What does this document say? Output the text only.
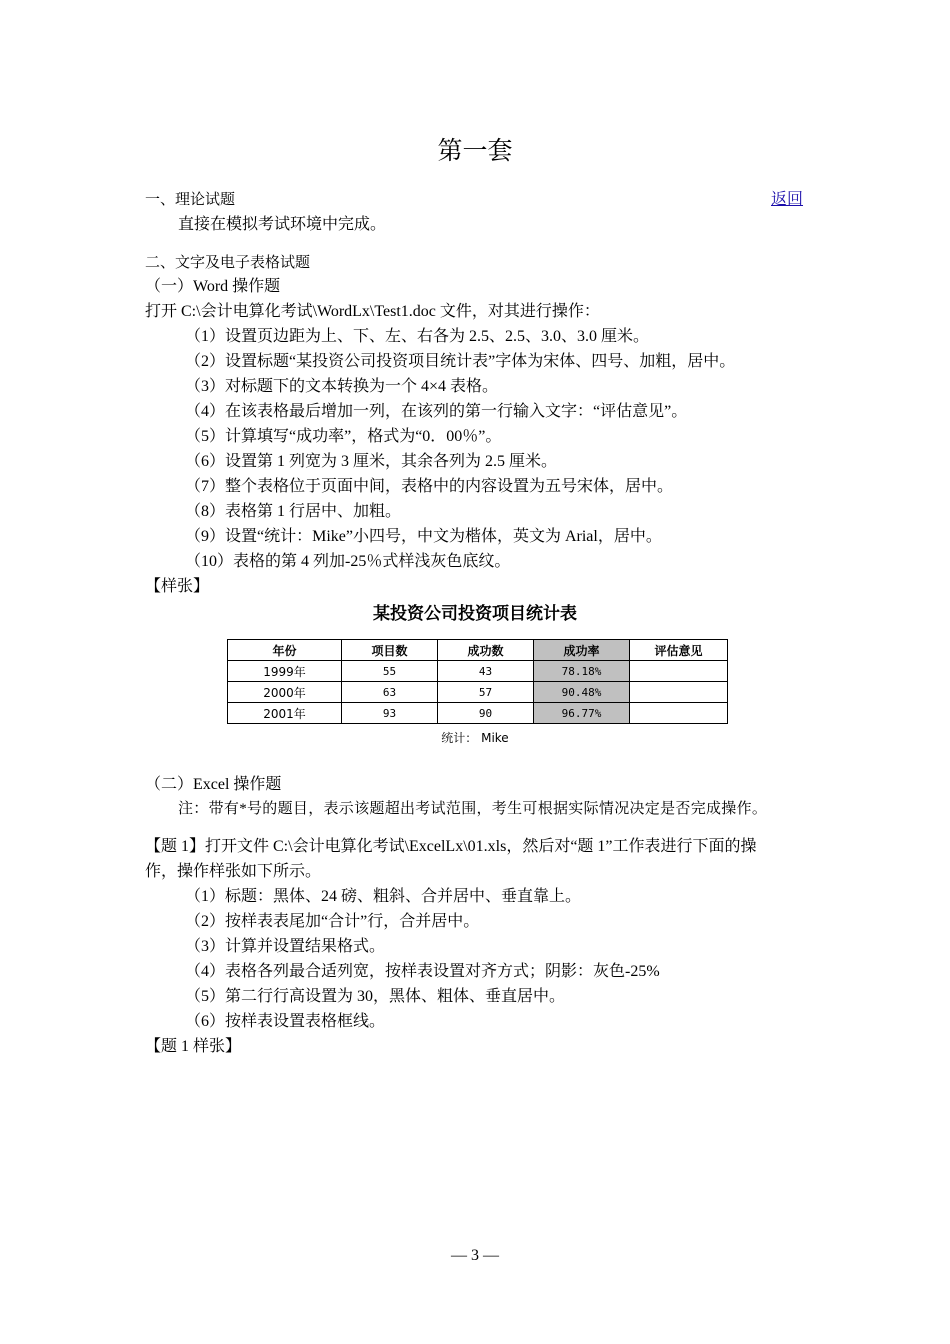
第一套
一、理论试题	返回
直接在模拟考试环境中完成。
二、文字及电子表格试题
（一）Word 操作题
打开 C:\会计电算化考试\WordLx\Test1.doc 文件，对其进行操作：
（1）设置页边距为上、下、左、右各为 2.5、2.5、3.0、3.0 厘米。
（2）设置标题“某投资公司投资项目统计表”字体为宋体、四号、加粗，居中。
（3）对标题下的文本转换为一个 4×4 表格。
（4）在该表格最后增加一列，在该列的第一行输入文字：“评估意见”。
（5）计算填写“成功率”，格式为“0．00％”。
（6）设置第 1 列宽为 3 厘米，其余各列为 2.5 厘米。
（7）整个表格位于页面中间，表格中的内容设置为五号宋体，居中。
（8）表格第 1 行居中、加粗。
（9）设置“统计：Mike”小四号，中文为楷体，英文为 Arial，居中。
（10）表格的第 4 列加-25％式样浅灰色底纹。
【样张】
某投资公司投资项目统计表
年份	项目数	成功数	成功率	评估意见
1999年	55	43	78.18%	
2000年	63	57	90.48%	
2001年	93	90	96.77%	
统计： Mike
（二）Excel 操作题
注：带有*号的题目，表示该题超出考试范围，考生可根据实际情况决定是否完成操作。
【题 1】打开文件 C:\会计电算化考试\ExcelLx\01.xls，然后对“题 1”工作表进行下面的操
作，操作样张如下所示。
（1）标题：黑体、24 磅、粗斜、合并居中、垂直靠上。
（2）按样表表尾加“合计”行，合并居中。
（3）计算并设置结果格式。
（4）表格各列最合适列宽，按样表设置对齐方式；阴影：灰色-25%
（5）第二行行高设置为 30，黑体、粗体、垂直居中。
（6）按样表设置表格框线。
【题 1 样张】
— 3 —
